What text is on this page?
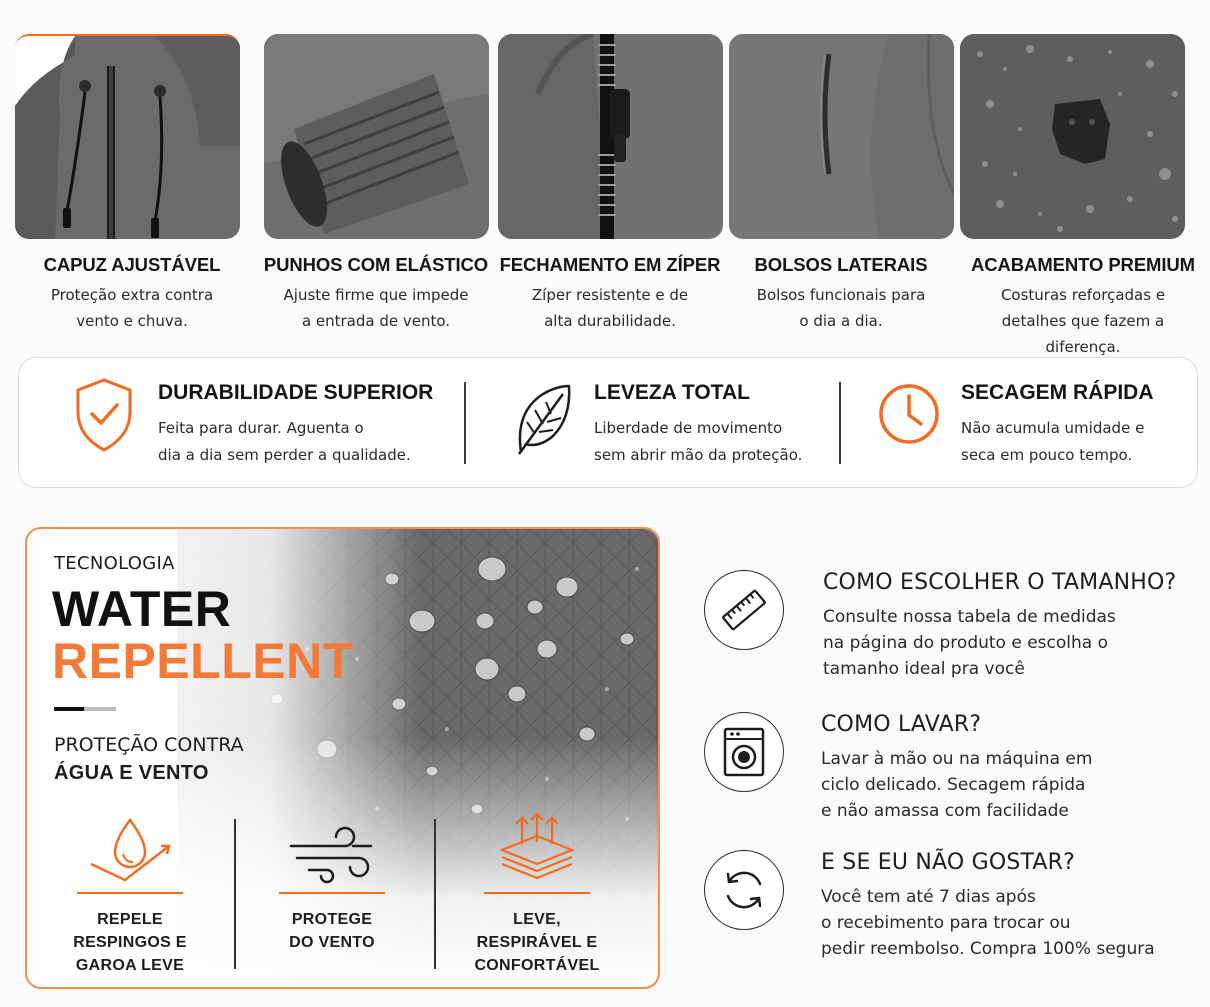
CAPUZ AJUSTÁVEL
Proteção extra contra
vento e chuva.
PUNHOS COM ELÁSTICO
Ajuste firme que impede
a entrada de vento.
FECHAMENTO EM ZÍPER
Zíper resistente e de
alta durabilidade.
BOLSOS LATERAIS
Bolsos funcionais para
o dia a dia.
ACABAMENTO PREMIUM
Costuras reforçadas e
detalhes que fazem a diferença.
DURABILIDADE SUPERIOR
Feita para durar. Aguenta o
dia a dia sem perder a qualidade.
LEVEZA TOTAL
Liberdade de movimento
sem abrir mão da proteção.
SECAGEM RÁPIDA
Não acumula umidade e
seca em pouco tempo.
TECNOLOGIA
WATER
REPELLENT
PROTEÇÃO CONTRA
ÁGUA E VENTO
REPELE
RESPINGOS E
GAROA LEVE
PROTEGE
DO VENTO
LEVE,
RESPIRÁVEL E
CONFORTÁVEL
COMO ESCOLHER O TAMANHO?
Consulte nossa tabela de medidas
na página do produto e escolha o
tamanho ideal pra você
COMO LAVAR?
Lavar à mão ou na máquina em
ciclo delicado. Secagem rápida
e não amassa com facilidade
E SE EU NÃO GOSTAR?
Você tem até 7 dias após
o recebimento para trocar ou
pedir reembolso. Compra 100% segura
